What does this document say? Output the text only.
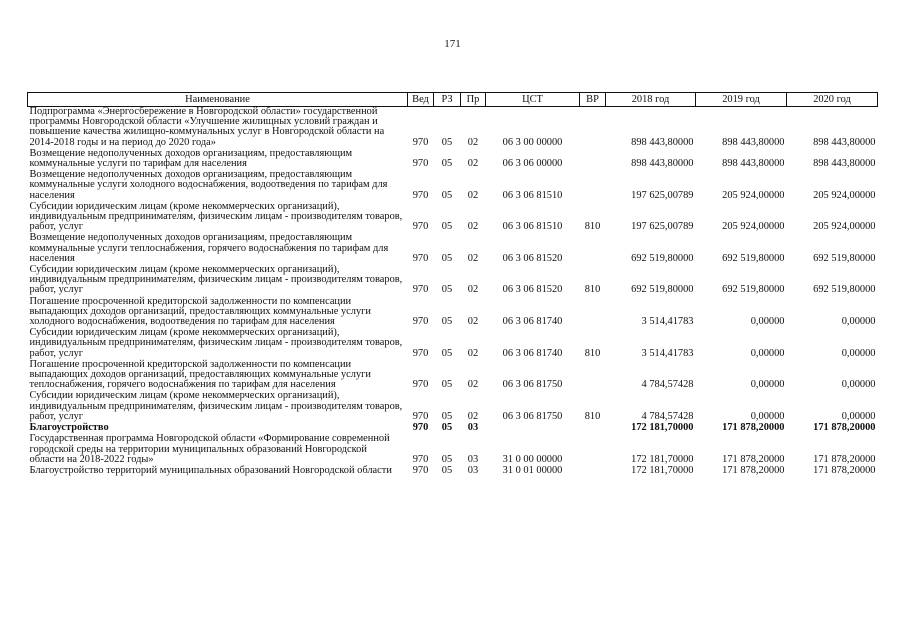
171
Наименование	Вед	РЗ	Пр	ЦСТ	ВР	2018 год	2019 год	2020 год
Подпрограмма «Энергосбережение в Новгородской области» государственной программы Новгородской области «Улучшение жилищных условий граждан и повышение качества жилищно-коммунальных услуг в Новгородской области на 2014-2018 годы и на период до 2020 года»	970	05	02	06 3 00 00000		898 443,80000	898 443,80000	898 443,80000
Возмещение недополученных доходов организациям, предоставляющим коммунальные услуги по тарифам для населения	970	05	02	06 3 06 00000		898 443,80000	898 443,80000	898 443,80000
Возмещение недополученных доходов организациям, предоставляющим коммунальные услуги холодного водоснабжения, водоотведения по тарифам для населения	970	05	02	06 3 06 81510		197 625,00789	205 924,00000	205 924,00000
Субсидии юридическим лицам (кроме некоммерческих организаций), индивидуальным предпринимателям, физическим лицам - производителям товаров, работ, услуг	970	05	02	06 3 06 81510	810	197 625,00789	205 924,00000	205 924,00000
Возмещение недополученных доходов организациям, предоставляющим коммунальные услуги теплоснабжения, горячего водоснабжения по тарифам для населения	970	05	02	06 3 06 81520		692 519,80000	692 519,80000	692 519,80000
Субсидии юридическим лицам (кроме некоммерческих организаций), индивидуальным предпринимателям, физическим лицам - производителям товаров, работ, услуг	970	05	02	06 3 06 81520	810	692 519,80000	692 519,80000	692 519,80000
Погашение просроченной кредиторской задолженности по компенсации выпадающих доходов организаций, предоставляющих коммунальные услуги холодного водоснабжения, водоотведения по тарифам для населения	970	05	02	06 3 06 81740		3 514,41783	0,00000	0,00000
Субсидии юридическим лицам (кроме некоммерческих организаций), индивидуальным предпринимателям, физическим лицам - производителям товаров, работ, услуг	970	05	02	06 3 06 81740	810	3 514,41783	0,00000	0,00000
Погашение просроченной кредиторской задолженности по компенсации выпадающих доходов организаций, предоставляющих коммунальные услуги теплоснабжения, горячего водоснабжения по тарифам для населения	970	05	02	06 3 06 81750		4 784,57428	0,00000	0,00000
Субсидии юридическим лицам (кроме некоммерческих организаций), индивидуальным предпринимателям, физическим лицам - производителям товаров, работ, услуг	970	05	02	06 3 06 81750	810	4 784,57428	0,00000	0,00000
Благоустройство	970	05	03			172 181,70000	171 878,20000	171 878,20000
Государственная программа Новгородской области «Формирование современной городской среды на территории муниципальных образований Новгородской области на 2018-2022 годы»	970	05	03	31 0 00 00000		172 181,70000	171 878,20000	171 878,20000
Благоустройство территорий муниципальных образований Новгородской области	970	05	03	31 0 01 00000		172 181,70000	171 878,20000	171 878,20000
